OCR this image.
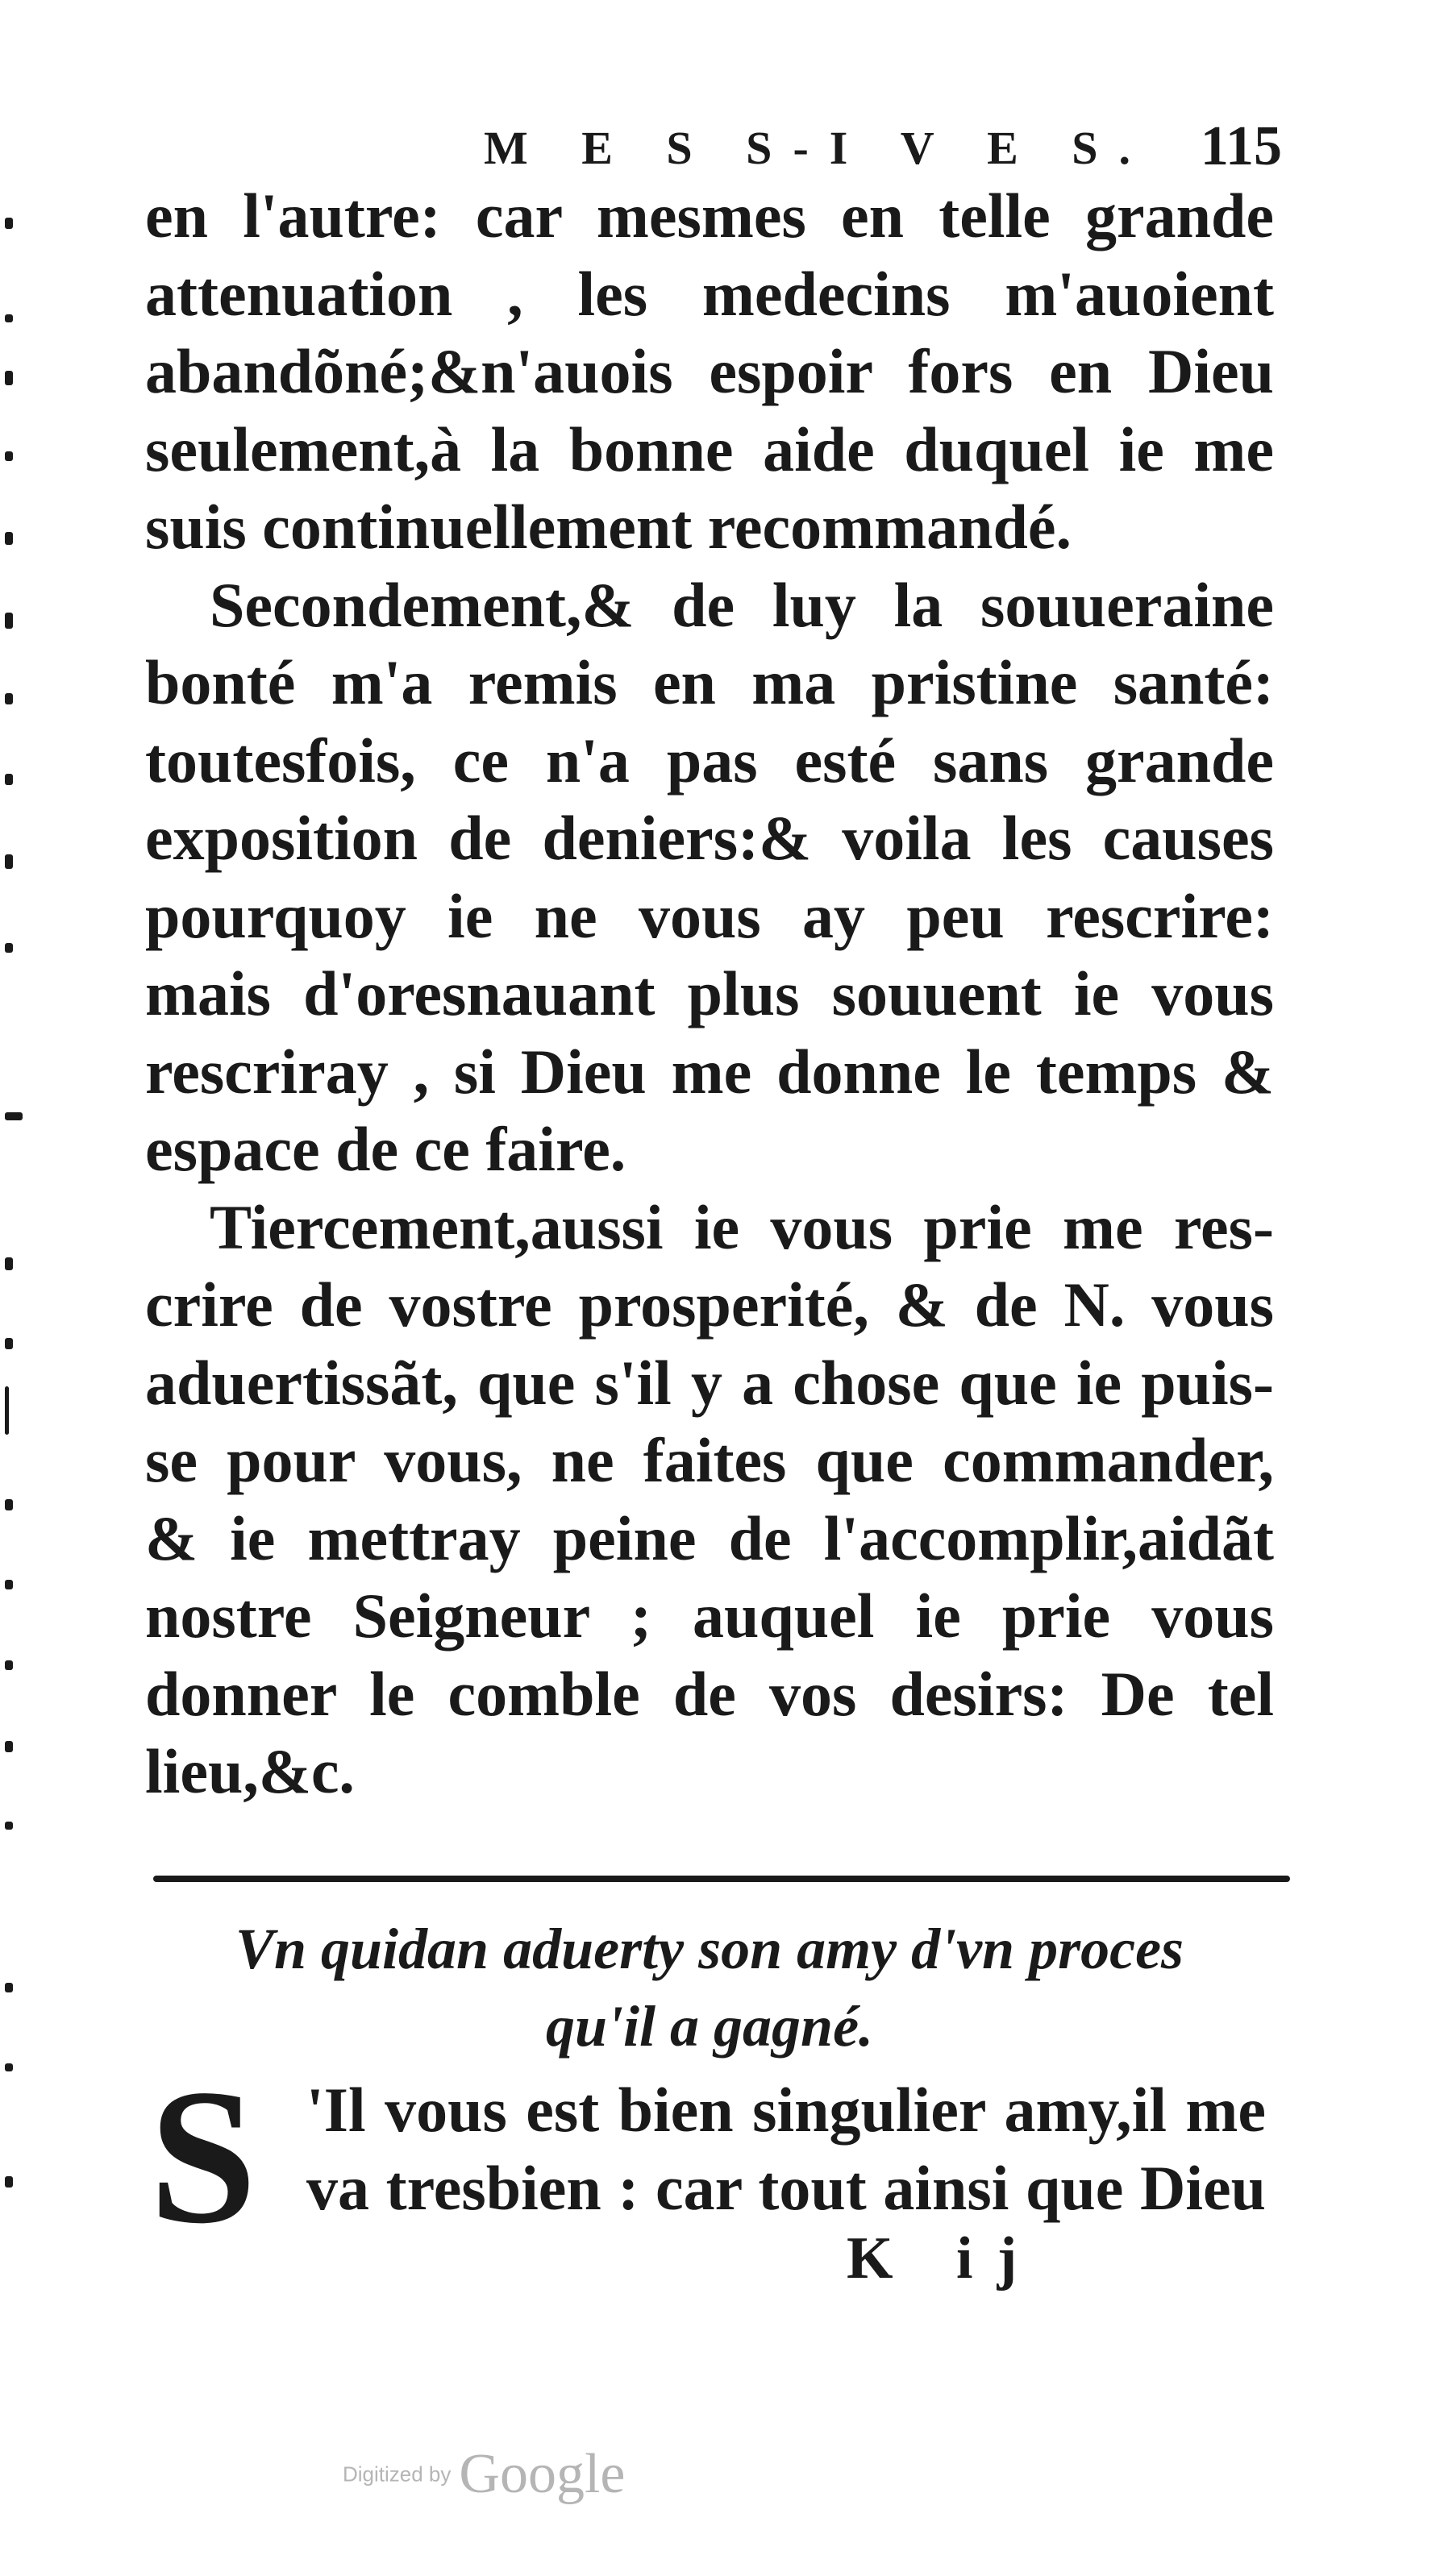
M E S S-I V E S. 115
en l'autre: car mesmes en telle grande
attenuation , les medecins m'auoient
abandõné;&n'auois espoir fors en Dieu
seulement,à la bonne aide duquel ie me
suis continuellement recommandé.
Secondement,& de luy la souueraine
bonté m'a remis en ma pristine santé:
toutesfois, ce n'a pas esté sans grande
exposition de deniers:& voila les causes
pourquoy ie ne vous ay peu rescrire:
mais d'oresnauant plus souuent ie vous
rescriray , si Dieu me donne le temps &
espace de ce faire.
Tiercement,aussi ie vous prie me res-
crire de vostre prosperité, & de N. vous
aduertissãt, que s'il y a chose que ie puis-
se pour vous, ne faites que commander,
& ie mettray peine de l'accomplir,aidãt
nostre Seigneur ; auquel ie prie vous
donner le comble de vos desirs: De tel
lieu,&c.
Vn quidan aduerty son amy d'vn proces
qu'il a gagné.
S 'Il vous est bien singulier amy,il me
va tresbien : car tout ainsi que Dieu
K ij
Digitized by Google
